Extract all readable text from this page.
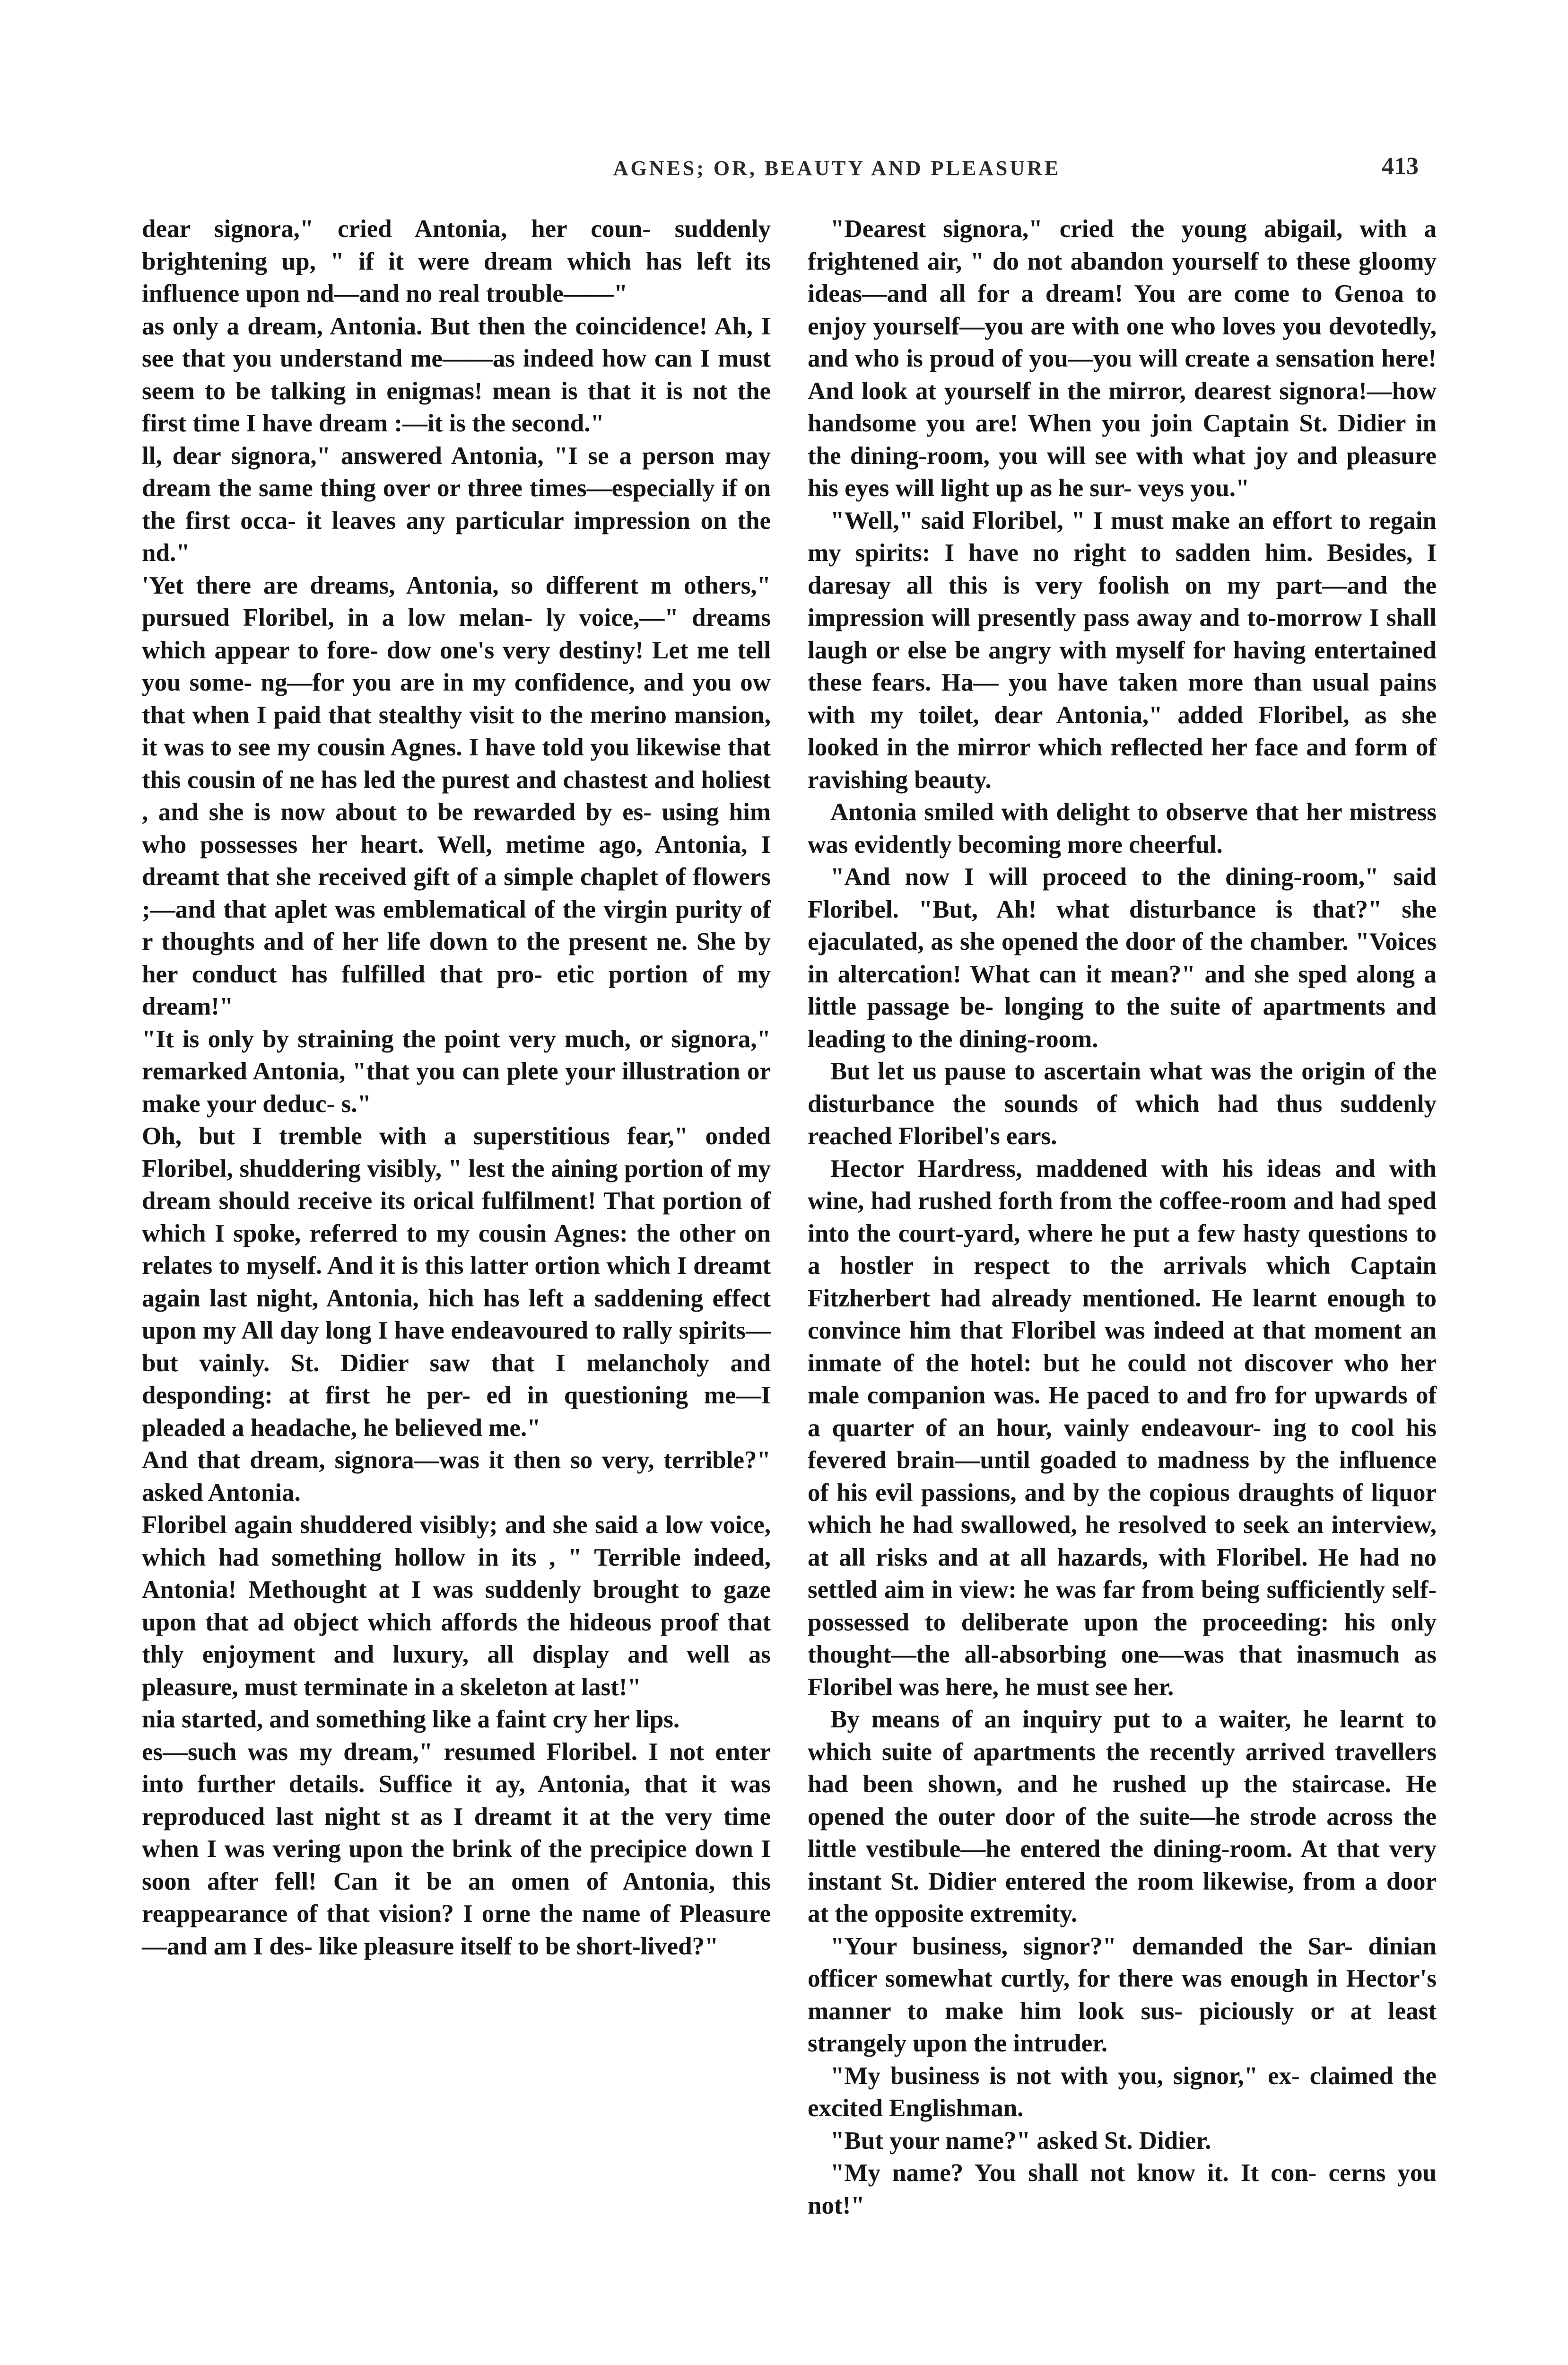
AGNES; OR, BEAUTY AND PLEASURE	413

dear signora," cried Antonia, her coun- suddenly brightening up, " if it were dream which has left its influence upon nd—and no real trouble——"

as only a dream, Antonia. But then the coincidence! Ah, I see that you understand me——as indeed how can I must seem to be talking in enigmas! mean is that it is not the first time I have dream :—it is the second."

ll, dear signora," answered Antonia, "I se a person may dream the same thing over or three times—especially if on the first occa- it leaves any particular impression on the nd."

'Yet there are dreams, Antonia, so different m others," pursued Floribel, in a low melan- ly voice,—" dreams which appear to fore- dow one's very destiny! Let me tell you some- ng—for you are in my confidence, and you ow that when I paid that stealthy visit to the merino mansion, it was to see my cousin Agnes. I have told you likewise that this cousin of ne has led the purest and chastest and holiest , and she is now about to be rewarded by es- using him who possesses her heart. Well, metime ago, Antonia, I dreamt that she received gift of a simple chaplet of flowers ;—and that aplet was emblematical of the virgin purity of r thoughts and of her life down to the present ne. She by her conduct has fulfilled that pro- etic portion of my dream!"

"It is only by straining the point very much, or signora," remarked Antonia, "that you can plete your illustration or make your deduc- s."

Oh, but I tremble with a superstitious fear," onded Floribel, shuddering visibly, " lest the aining portion of my dream should receive its orical fulfilment! That portion of which I spoke, referred to my cousin Agnes: the other on relates to myself. And it is this latter ortion which I dreamt again last night, Antonia, hich has left a saddening effect upon my All day long I have endeavoured to rally spirits—but vainly. St. Didier saw that I melancholy and desponding: at first he per- ed in questioning me—I pleaded a headache, he believed me."

And that dream, signora—was it then so very, terrible?" asked Antonia.

Floribel again shuddered visibly; and she said a low voice, which had something hollow in its , " Terrible indeed, Antonia! Methought at I was suddenly brought to gaze upon that ad object which affords the hideous proof that thly enjoyment and luxury, all display and well as pleasure, must terminate in a skeleton at last!"

nia started, and something like a faint cry her lips.

es—such was my dream," resumed Floribel. I not enter into further details. Suffice it ay, Antonia, that it was reproduced last night st as I dreamt it at the very time when I was vering upon the brink of the precipice down I soon after fell! Can it be an omen of Antonia, this reappearance of that vision? I orne the name of Pleasure—and am I des- like pleasure itself to be short-lived?"

"Dearest signora," cried the young abigail, with a frightened air, " do not abandon yourself to these gloomy ideas—and all for a dream! You are come to Genoa to enjoy yourself—you are with one who loves you devotedly, and who is proud of you—you will create a sensation here! And look at yourself in the mirror, dearest signora!—how handsome you are! When you join Captain St. Didier in the dining-room, you will see with what joy and pleasure his eyes will light up as he sur- veys you."

"Well," said Floribel, " I must make an effort to regain my spirits: I have no right to sadden him. Besides, I daresay all this is very foolish on my part—and the impression will presently pass away and to-morrow I shall laugh or else be angry with myself for having entertained these fears. Ha— you have taken more than usual pains with my toilet, dear Antonia," added Floribel, as she looked in the mirror which reflected her face and form of ravishing beauty.

Antonia smiled with delight to observe that her mistress was evidently becoming more cheerful.

"And now I will proceed to the dining-room," said Floribel. "But, Ah! what disturbance is that?" she ejaculated, as she opened the door of the chamber. "Voices in altercation! What can it mean?" and she sped along a little passage be- longing to the suite of apartments and leading to the dining-room.

But let us pause to ascertain what was the origin of the disturbance the sounds of which had thus suddenly reached Floribel's ears.

Hector Hardress, maddened with his ideas and with wine, had rushed forth from the coffee-room and had sped into the court-yard, where he put a few hasty questions to a hostler in respect to the arrivals which Captain Fitzherbert had already mentioned. He learnt enough to convince him that Floribel was indeed at that moment an inmate of the hotel: but he could not discover who her male companion was. He paced to and fro for upwards of a quarter of an hour, vainly endeavour- ing to cool his fevered brain—until goaded to madness by the influence of his evil passions, and by the copious draughts of liquor which he had swallowed, he resolved to seek an interview, at all risks and at all hazards, with Floribel. He had no settled aim in view: he was far from being sufficiently self-possessed to deliberate upon the proceeding: his only thought—the all-absorbing one—was that inasmuch as Floribel was here, he must see her.

By means of an inquiry put to a waiter, he learnt to which suite of apartments the recently arrived travellers had been shown, and he rushed up the staircase. He opened the outer door of the suite—he strode across the little vestibule—he entered the dining-room. At that very instant St. Didier entered the room likewise, from a door at the opposite extremity.

"Your business, signor?" demanded the Sar- dinian officer somewhat curtly, for there was enough in Hector's manner to make him look sus- piciously or at least strangely upon the intruder.

"My business is not with you, signor," ex- claimed the excited Englishman.

"But your name?" asked St. Didier.

"My name? You shall not know it. It con- cerns you not!"
